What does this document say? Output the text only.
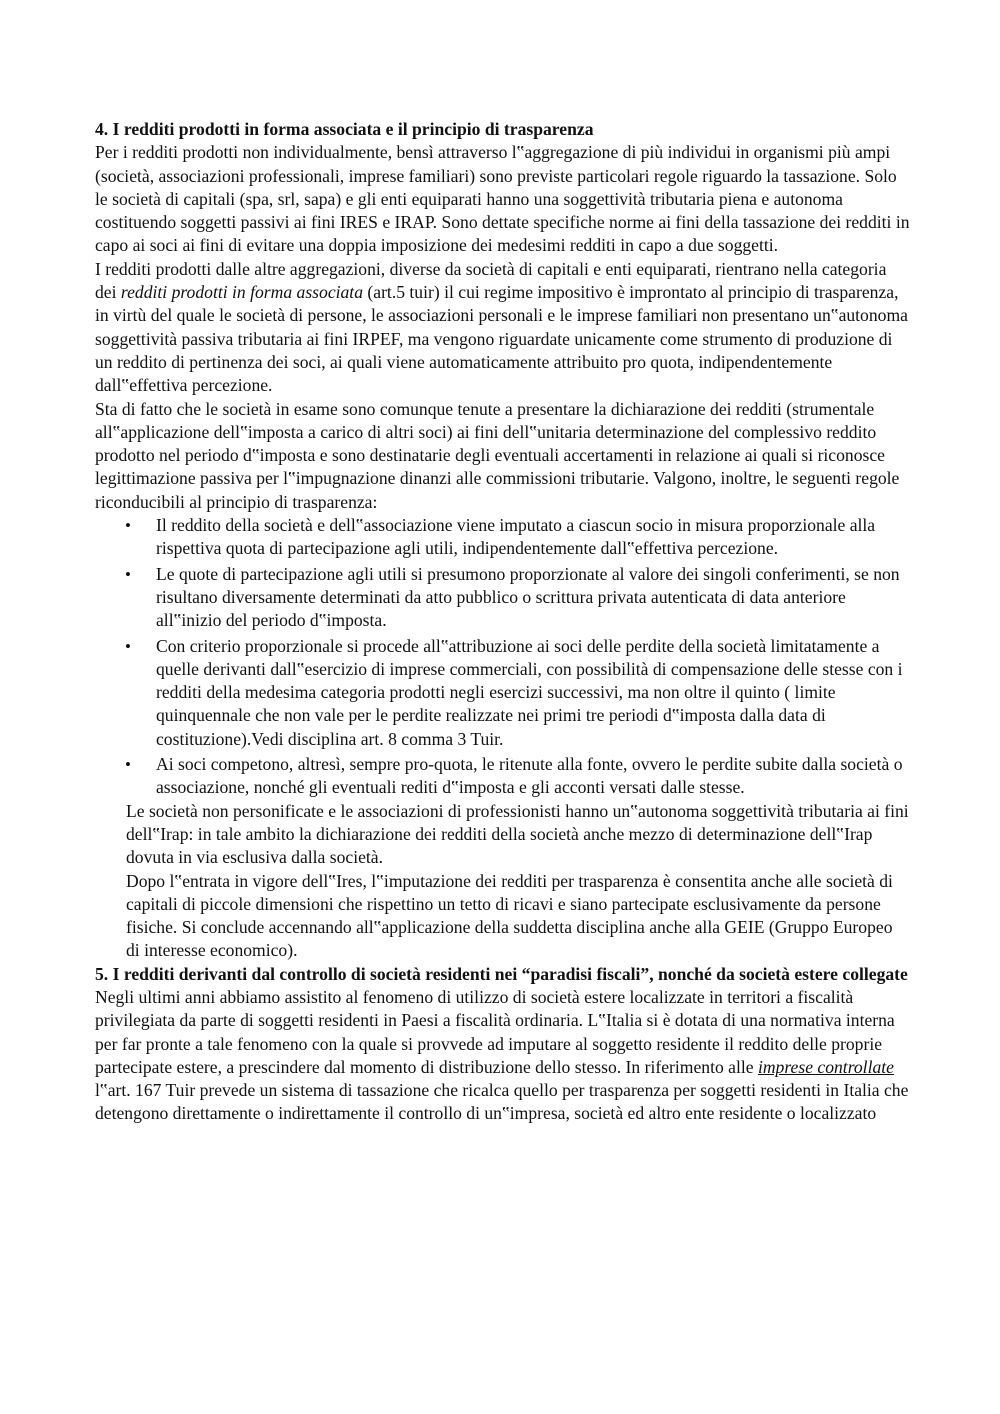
4. I redditi prodotti in forma associata e il principio di trasparenza

Per i redditi prodotti non individualmente, bensì attraverso l‟aggregazione di più individui in organismi più ampi (società, associazioni professionali, imprese familiari) sono previste particolari regole riguardo la tassazione. Solo le società di capitali (spa, srl, sapa) e gli enti equiparati hanno una soggettività tributaria piena e autonoma costituendo soggetti passivi ai fini IRES e IRAP. Sono dettate specifiche norme ai fini della tassazione dei redditi in capo ai soci ai fini di evitare una doppia imposizione dei medesimi redditi in capo a due soggetti.

I redditi prodotti dalle altre aggregazioni, diverse da società di capitali e enti equiparati, rientrano nella categoria dei redditi prodotti in forma associata (art.5 tuir) il cui regime impositivo è improntato al principio di trasparenza, in virtù del quale le società di persone, le associazioni personali e le imprese familiari non presentano un‟autonoma soggettività passiva tributaria ai fini IRPEF, ma vengono riguardate unicamente come strumento di produzione di un reddito di pertinenza dei soci, ai quali viene automaticamente attribuito pro quota, indipendentemente dall‟effettiva percezione.

Sta di fatto che le società in esame sono comunque tenute a presentare la dichiarazione dei redditi (strumentale all‟applicazione dell‟imposta a carico di altri soci) ai fini dell‟unitaria determinazione del complessivo reddito prodotto nel periodo d‟imposta e sono destinatarie degli eventuali accertamenti in relazione ai quali si riconosce legittimazione passiva per l‟impugnazione dinanzi alle commissioni tributarie. Valgono, inoltre, le seguenti regole riconducibili al principio di trasparenza:

• Il reddito della società e dell‟associazione viene imputato a ciascun socio in misura proporzionale alla rispettiva quota di partecipazione agli utili, indipendentemente dall‟effettiva percezione.
• Le quote di partecipazione agli utili si presumono proporzionate al valore dei singoli conferimenti, se non risultano diversamente determinati da atto pubblico o scrittura privata autenticata di data anteriore all‟inizio del periodo d‟imposta.
• Con criterio proporzionale si procede all‟attribuzione ai soci delle perdite della società limitatamente a quelle derivanti dall‟esercizio di imprese commerciali, con possibilità di compensazione delle stesse con i redditi della medesima categoria prodotti negli esercizi successivi, ma non oltre il quinto ( limite quinquennale che non vale per le perdite realizzate nei primi tre periodi d‟imposta dalla data di costituzione).Vedi disciplina art. 8 comma 3 Tuir.
• Ai soci competono, altresì, sempre pro-quota, le ritenute alla fonte, ovvero le perdite subite dalla società o associazione, nonché gli eventuali rediti d‟imposta e gli acconti versati dalle stesse.

Le società non personificate e le associazioni di professionisti hanno un‟autonoma soggettività tributaria ai fini dell‟Irap: in tale ambito la dichiarazione dei redditi della società anche mezzo di determinazione dell‟Irap dovuta in via esclusiva dalla società.

Dopo l‟entrata in vigore dell‟Ires, l‟imputazione dei redditi per trasparenza è consentita anche alle società di capitali di piccole dimensioni che rispettino un tetto di ricavi e siano partecipate esclusivamente da persone fisiche. Si conclude accennando all‟applicazione della suddetta disciplina anche alla GEIE (Gruppo Europeo di interesse economico).

5. I redditi derivanti dal controllo di società residenti nei “paradisi fiscali”, nonché da società estere collegate

Negli ultimi anni abbiamo assistito al fenomeno di utilizzo di società estere localizzate in territori a fiscalità privilegiata da parte di soggetti residenti in Paesi a fiscalità ordinaria. L‟Italia si è dotata di una normativa interna per far pronte a tale fenomeno con la quale si provvede ad imputare al soggetto residente il reddito delle proprie partecipate estere, a prescindere dal momento di distribuzione dello stesso. In riferimento alle imprese controllate l‟art. 167 Tuir prevede un sistema di tassazione che ricalca quello per trasparenza per soggetti residenti in Italia che detengono direttamente o indirettamente il controllo di un‟impresa, società ed altro ente residente o localizzato
